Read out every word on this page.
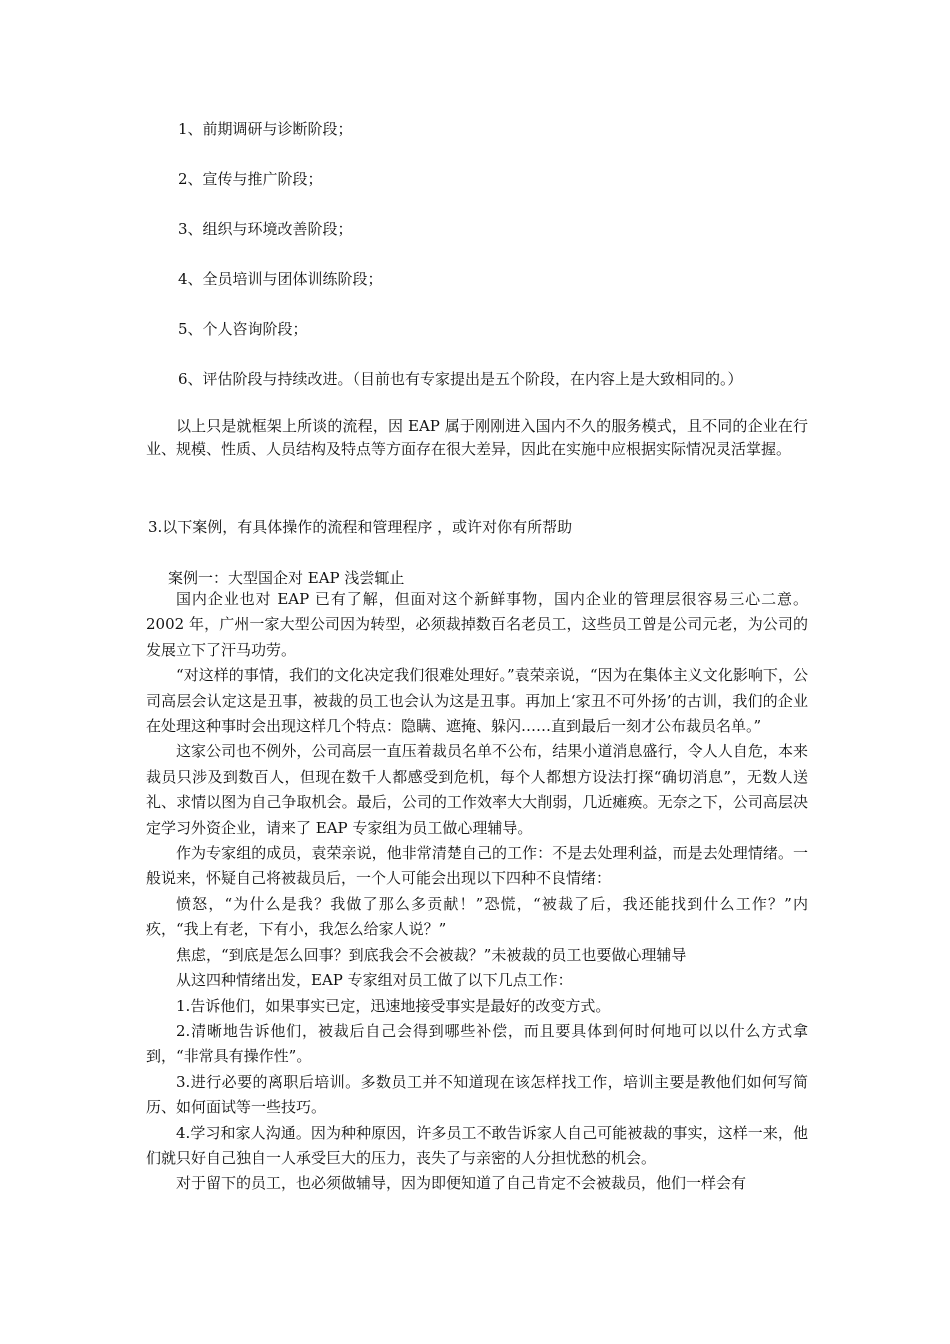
1、前期调研与诊断阶段；

2、宣传与推广阶段；

3、组织与环境改善阶段；

4、全员培训与团体训练阶段；

5、个人咨询阶段；

6、评估阶段与持续改进。（目前也有专家提出是五个阶段，在内容上是大致相同的。）

以上只是就框架上所谈的流程，因 EAP 属于刚刚进入国内不久的服务模式，且不同的企业在行业、规模、性质、人员结构及特点等方面存在很大差异，因此在实施中应根据实际情况灵活掌握。

3.以下案例，有具体操作的流程和管理程序 ，或许对你有所帮助

案例一：大型国企对 EAP 浅尝辄止

国内企业也对 EAP 已有了解，但面对这个新鲜事物，国内企业的管理层很容易三心二意。2002 年，广州一家大型公司因为转型，必须裁掉数百名老员工，这些员工曾是公司元老，为公司的发展立下了汗马功劳。

“对这样的事情，我们的文化决定我们很难处理好。”袁荣亲说，“因为在集体主义文化影响下，公司高层会认定这是丑事，被裁的员工也会认为这是丑事。再加上‘家丑不可外扬’的古训，我们的企业在处理这种事时会出现这样几个特点：隐瞒、遮掩、躲闪……直到最后一刻才公布裁员名单。”

这家公司也不例外，公司高层一直压着裁员名单不公布，结果小道消息盛行，令人人自危，本来裁员只涉及到数百人，但现在数千人都感受到危机，每个人都想方设法打探“确切消息”，无数人送礼、求情以图为自己争取机会。最后，公司的工作效率大大削弱，几近瘫痪。无奈之下，公司高层决定学习外资企业，请来了 EAP 专家组为员工做心理辅导。

作为专家组的成员，袁荣亲说，他非常清楚自己的工作：不是去处理利益，而是去处理情绪。一般说来，怀疑自己将被裁员后，一个人可能会出现以下四种不良情绪：

愤怒，“为什么是我？我做了那么多贡献！”恐慌，“被裁了后，我还能找到什么工作？”内疚，“我上有老，下有小，我怎么给家人说？”

焦虑，“到底是怎么回事？到底我会不会被裁？”未被裁的员工也要做心理辅导

从这四种情绪出发，EAP 专家组对员工做了以下几点工作：

1.告诉他们，如果事实已定，迅速地接受事实是最好的改变方式。

2.清晰地告诉他们，被裁后自己会得到哪些补偿，而且要具体到何时何地可以以什么方式拿到，“非常具有操作性”。

3.进行必要的离职后培训。多数员工并不知道现在该怎样找工作，培训主要是教他们如何写简历、如何面试等一些技巧。

4.学习和家人沟通。因为种种原因，许多员工不敢告诉家人自己可能被裁的事实，这样一来，他们就只好自己独自一人承受巨大的压力，丧失了与亲密的人分担忧愁的机会。

对于留下的员工，也必须做辅导，因为即便知道了自己肯定不会被裁员，他们一样会有
